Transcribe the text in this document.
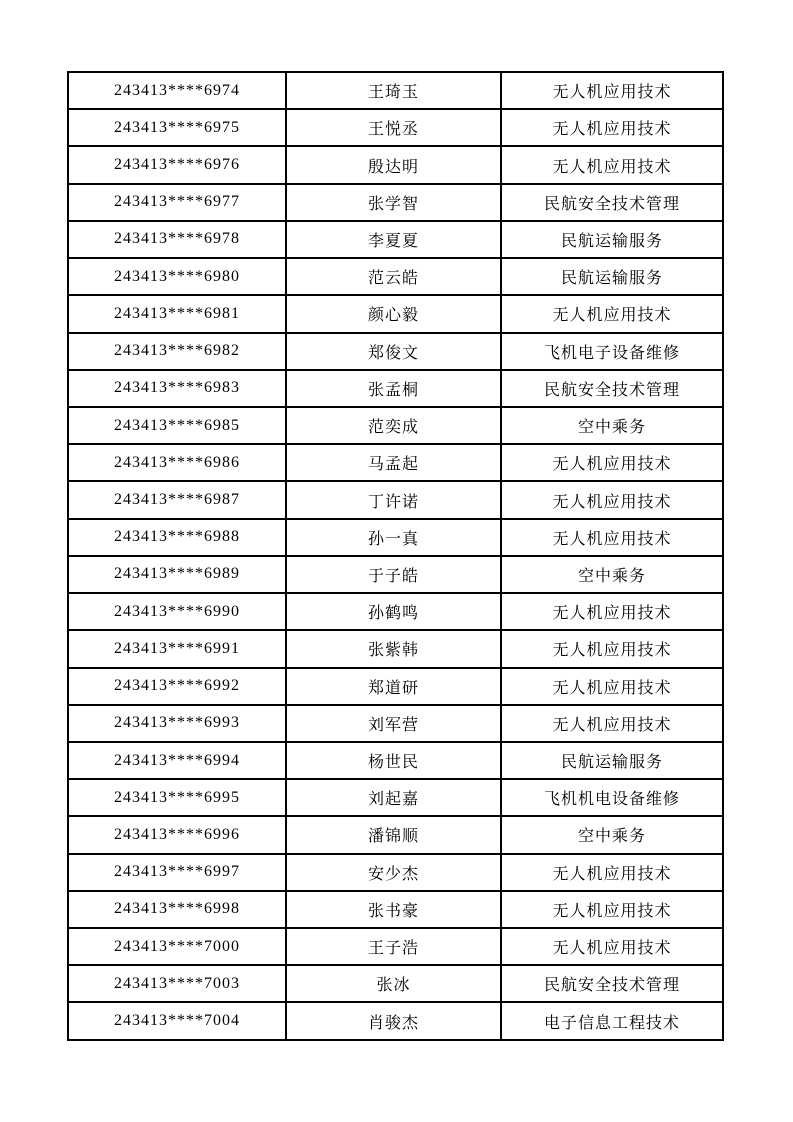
243413****6974	王琦玉	无人机应用技术
243413****6975	王悦丞	无人机应用技术
243413****6976	殷达明	无人机应用技术
243413****6977	张学智	民航安全技术管理
243413****6978	李夏夏	民航运输服务
243413****6980	范云皓	民航运输服务
243413****6981	颜心毅	无人机应用技术
243413****6982	郑俊文	飞机电子设备维修
243413****6983	张孟桐	民航安全技术管理
243413****6985	范奕成	空中乘务
243413****6986	马孟起	无人机应用技术
243413****6987	丁许诺	无人机应用技术
243413****6988	孙一真	无人机应用技术
243413****6989	于子皓	空中乘务
243413****6990	孙鹤鸣	无人机应用技术
243413****6991	张紫韩	无人机应用技术
243413****6992	郑道研	无人机应用技术
243413****6993	刘军营	无人机应用技术
243413****6994	杨世民	民航运输服务
243413****6995	刘起嘉	飞机机电设备维修
243413****6996	潘锦顺	空中乘务
243413****6997	安少杰	无人机应用技术
243413****6998	张书豪	无人机应用技术
243413****7000	王子浩	无人机应用技术
243413****7003	张冰	民航安全技术管理
243413****7004	肖骏杰	电子信息工程技术
